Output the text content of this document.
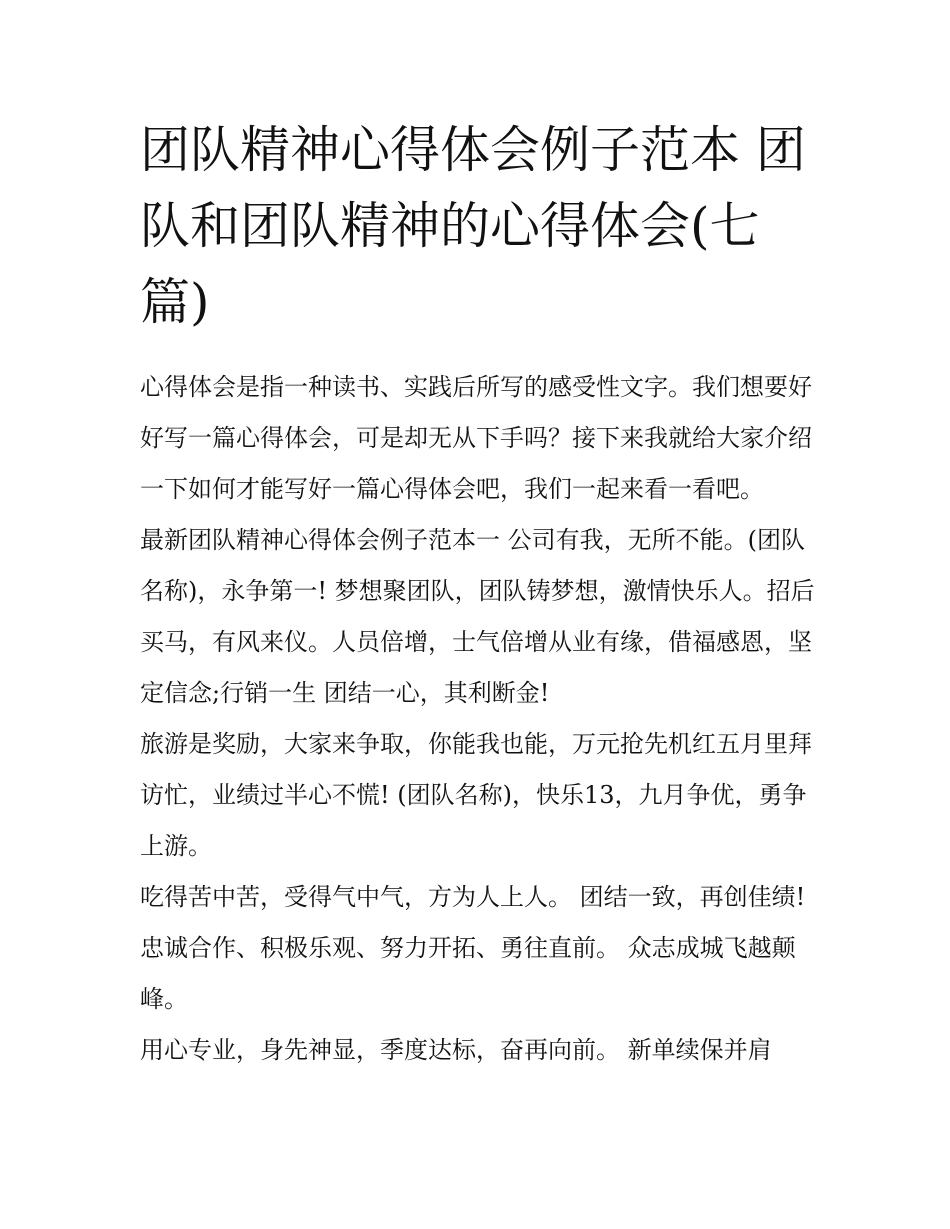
团队精神心得体会例子范本 团队和团队精神的心得体会(七篇)

心得体会是指一种读书、实践后所写的感受性文字。我们想要好好写一篇心得体会，可是却无从下手吗？接下来我就给大家介绍一下如何才能写好一篇心得体会吧，我们一起来看一看吧。

最新团队精神心得体会例子范本一 公司有我，无所不能。(团队名称)，永争第一! 梦想聚团队，团队铸梦想，激情快乐人。招后买马，有风来仪。人员倍增，士气倍增从业有缘，借福感恩，坚定信念;行销一生 团结一心，其利断金!

旅游是奖励，大家来争取，你能我也能，万元抢先机红五月里拜访忙，业绩过半心不慌! (团队名称)，快乐13，九月争优，勇争上游。

吃得苦中苦，受得气中气，方为人上人。 团结一致，再创佳绩! 忠诚合作、积极乐观、努力开拓、勇往直前。 众志成城飞越颠峰。

用心专业，身先神显，季度达标，奋再向前。 新单续保并肩
